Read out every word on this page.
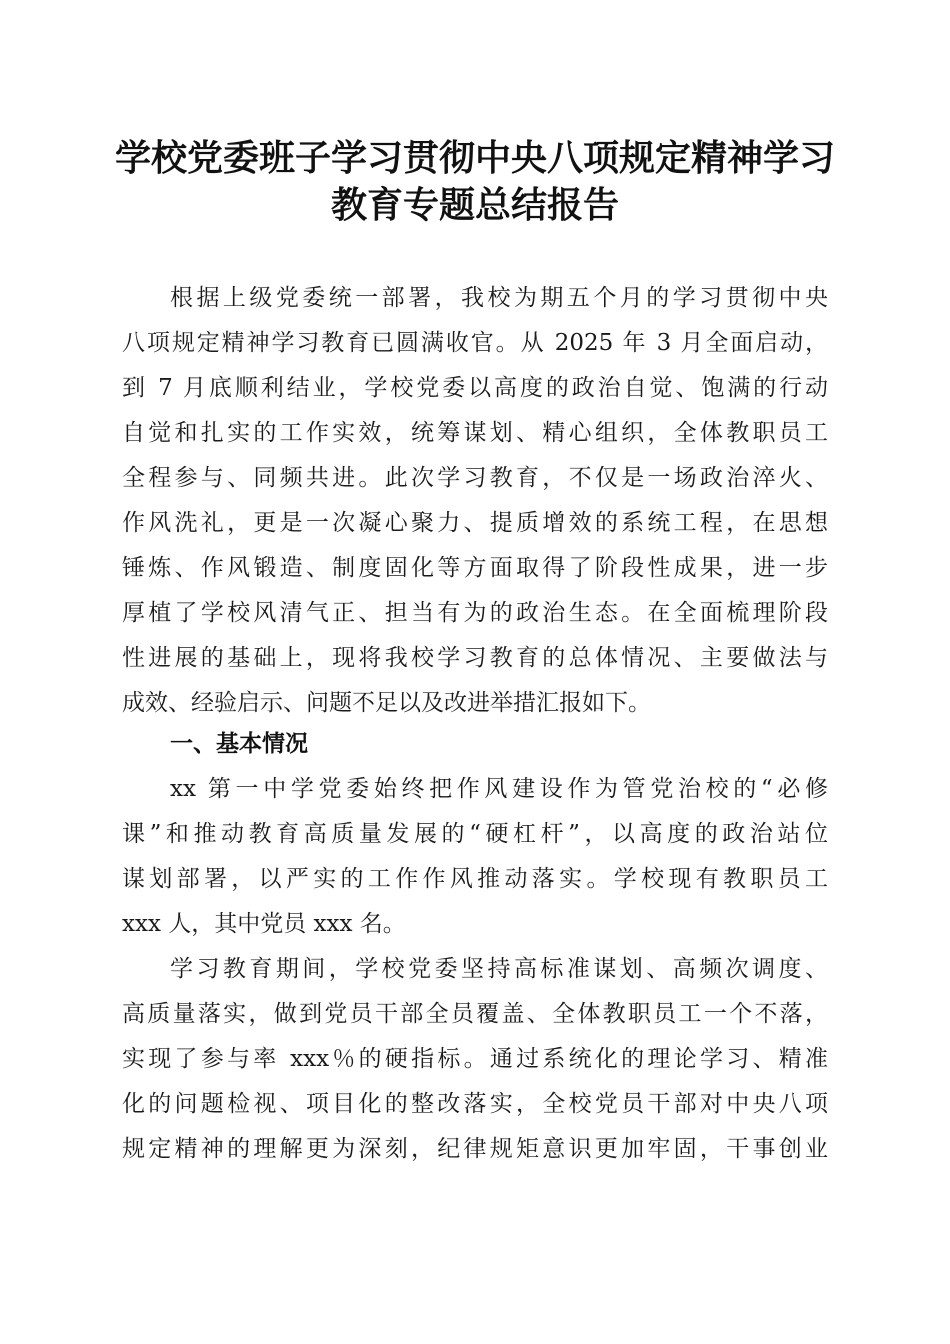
学校党委班子学习贯彻中央八项规定精神学习
教育专题总结报告
根据上级党委统一部署，我校为期五个月的学习贯彻中央
八项规定精神学习教育已圆满收官。从 2025 年 3 月全面启动，
到 7 月底顺利结业，学校党委以高度的政治自觉、饱满的行动
自觉和扎实的工作实效，统筹谋划、精心组织，全体教职员工
全程参与、同频共进。此次学习教育，不仅是一场政治淬火、
作风洗礼，更是一次凝心聚力、提质增效的系统工程，在思想
锤炼、作风锻造、制度固化等方面取得了阶段性成果，进一步
厚植了学校风清气正、担当有为的政治生态。在全面梳理阶段
性进展的基础上，现将我校学习教育的总体情况、主要做法与
成效、经验启示、问题不足以及改进举措汇报如下。
一、基本情况
xx 第一中学党委始终把作风建设作为管党治校的“必修
课”和推动教育高质量发展的“硬杠杆”，以高度的政治站位
谋划部署，以严实的工作作风推动落实。学校现有教职员工
xxx 人，其中党员 xxx 名。
学习教育期间，学校党委坚持高标准谋划、高频次调度、
高质量落实，做到党员干部全员覆盖、全体教职员工一个不落，
实现了参与率 xxx％的硬指标。通过系统化的理论学习、精准
化的问题检视、项目化的整改落实，全校党员干部对中央八项
规定精神的理解更为深刻，纪律规矩意识更加牢固，干事创业
